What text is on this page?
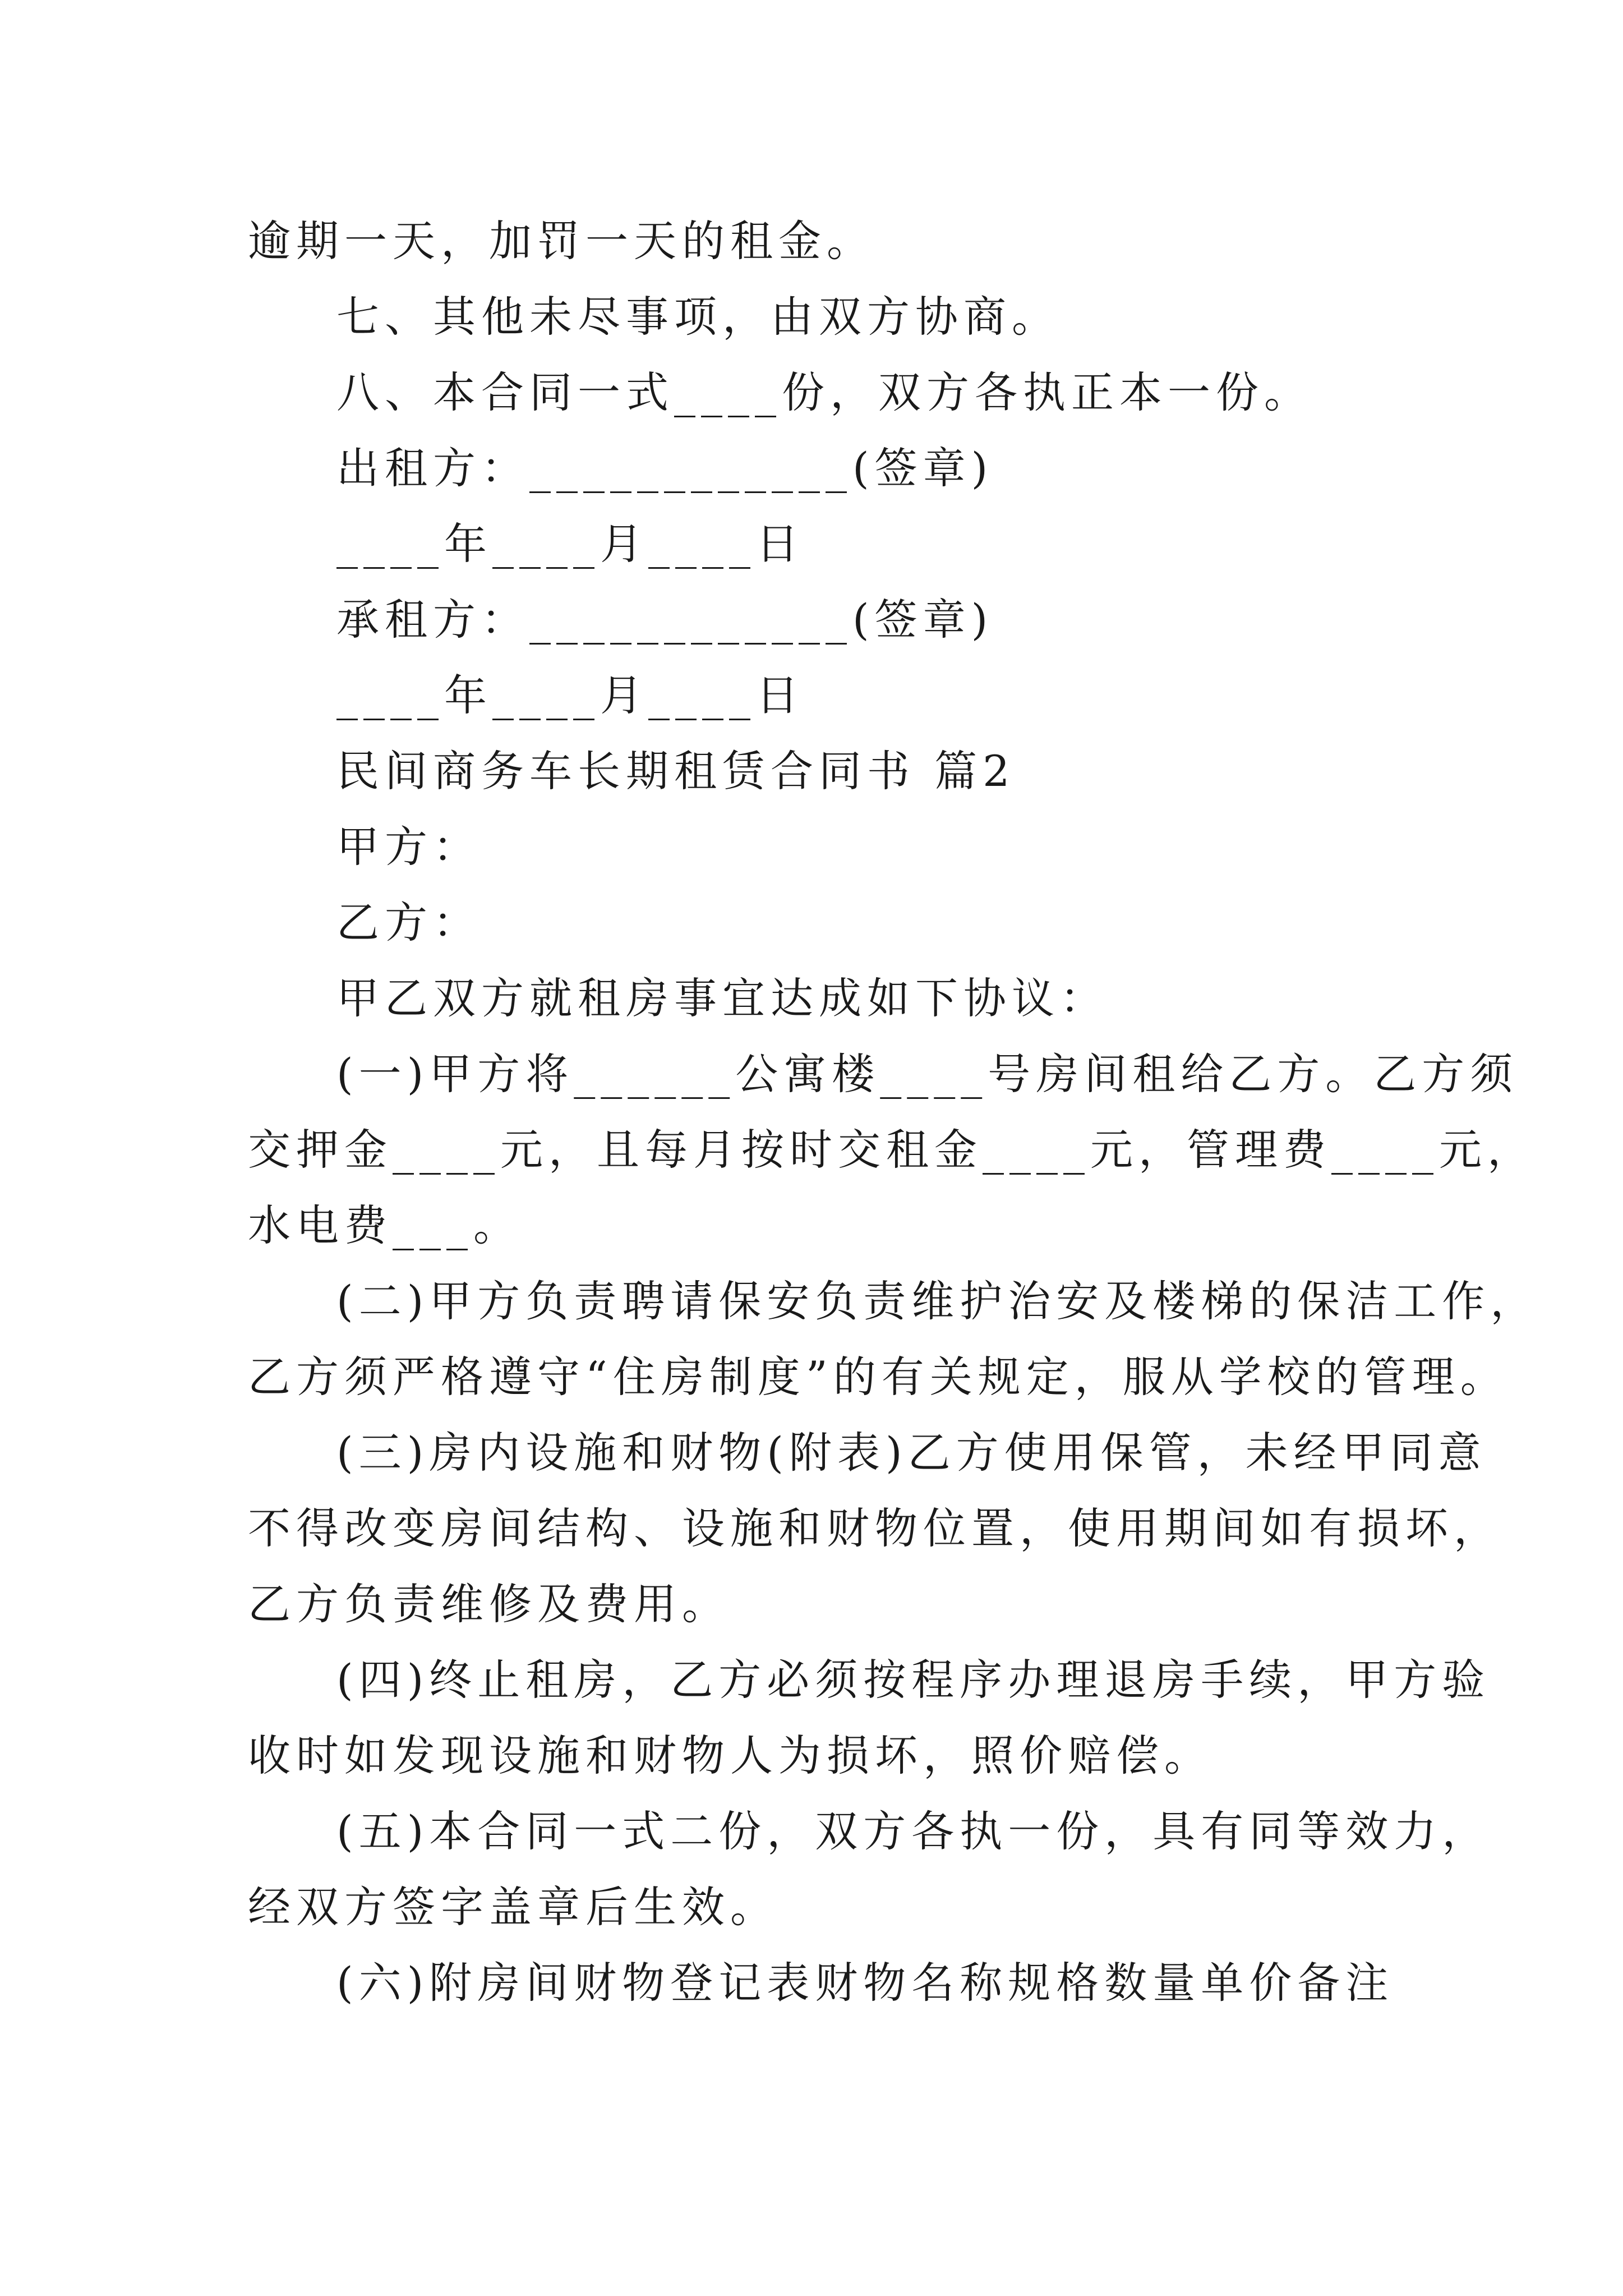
逾期一天，加罚一天的租金。

七、其他未尽事项，由双方协商。

八、本合同一式____份，双方各执正本一份。

出租方：____________(签章)

____年____月____日

承租方：____________(签章)

____年____月____日

民间商务车长期租赁合同书 篇2

甲方：

乙方：

甲乙双方就租房事宜达成如下协议：

(一)甲方将______公寓楼____号房间租给乙方。乙方须

交押金____元，且每月按时交租金____元，管理费____元，

水电费___。

(二)甲方负责聘请保安负责维护治安及楼梯的保洁工作，

乙方须严格遵守“住房制度”的有关规定，服从学校的管理。

(三)房内设施和财物(附表)乙方使用保管，未经甲同意

不得改变房间结构、设施和财物位置，使用期间如有损坏，

乙方负责维修及费用。

(四)终止租房，乙方必须按程序办理退房手续，甲方验

收时如发现设施和财物人为损坏，照价赔偿。

(五)本合同一式二份，双方各执一份，具有同等效力，

经双方签字盖章后生效。

(六)附房间财物登记表财物名称规格数量单价备注
